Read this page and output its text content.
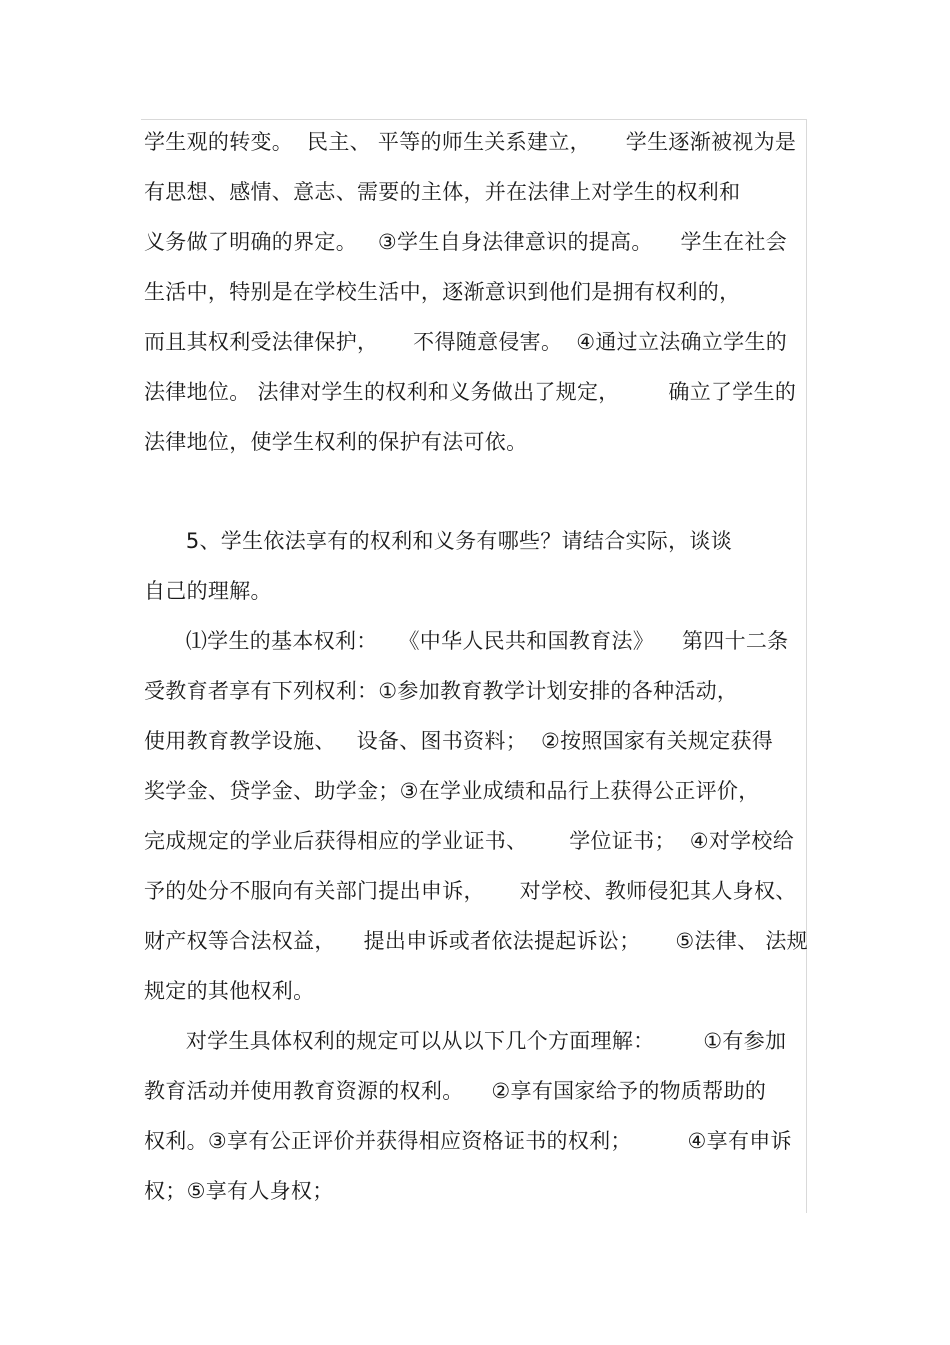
学生观的转变。  民主、 平等的师生关系建立，     学生逐渐被视为是
有思想、感情、意志、需要的主体，并在法律上对学生的权利和
义务做了明确的界定。   ③学生自身法律意识的提高。    学生在社会
生活中，特别是在学校生活中，逐渐意识到他们是拥有权利的，
而且其权利受法律保护，     不得随意侵害。  ④通过立法确立学生的
法律地位。 法律对学生的权利和义务做出了规定，       确立了学生的
法律地位，使学生权利的保护有法可依。
5、学生依法享有的权利和义务有哪些？请结合实际，谈谈
自己的理解。
⑴学生的基本权利：   《中华人民共和国教育法》    第四十二条
受教育者享有下列权利：①参加教育教学计划安排的各种活动，
使用教育教学设施、   设备、图书资料；  ②按照国家有关规定获得
奖学金、贷学金、助学金；③在学业成绩和品行上获得公正评价，
完成规定的学业后获得相应的学业证书、      学位证书；  ④对学校给
予的处分不服向有关部门提出申诉，     对学校、教师侵犯其人身权、
财产权等合法权益，    提出申诉或者依法提起诉讼；     ⑤法律、 法规
规定的其他权利。
对学生具体权利的规定可以从以下几个方面理解：       ①有参加
教育活动并使用教育资源的权利。    ②享有国家给予的物质帮助的
权利。③享有公正评价并获得相应资格证书的权利；        ④享有申诉
权；⑤享有人身权；
